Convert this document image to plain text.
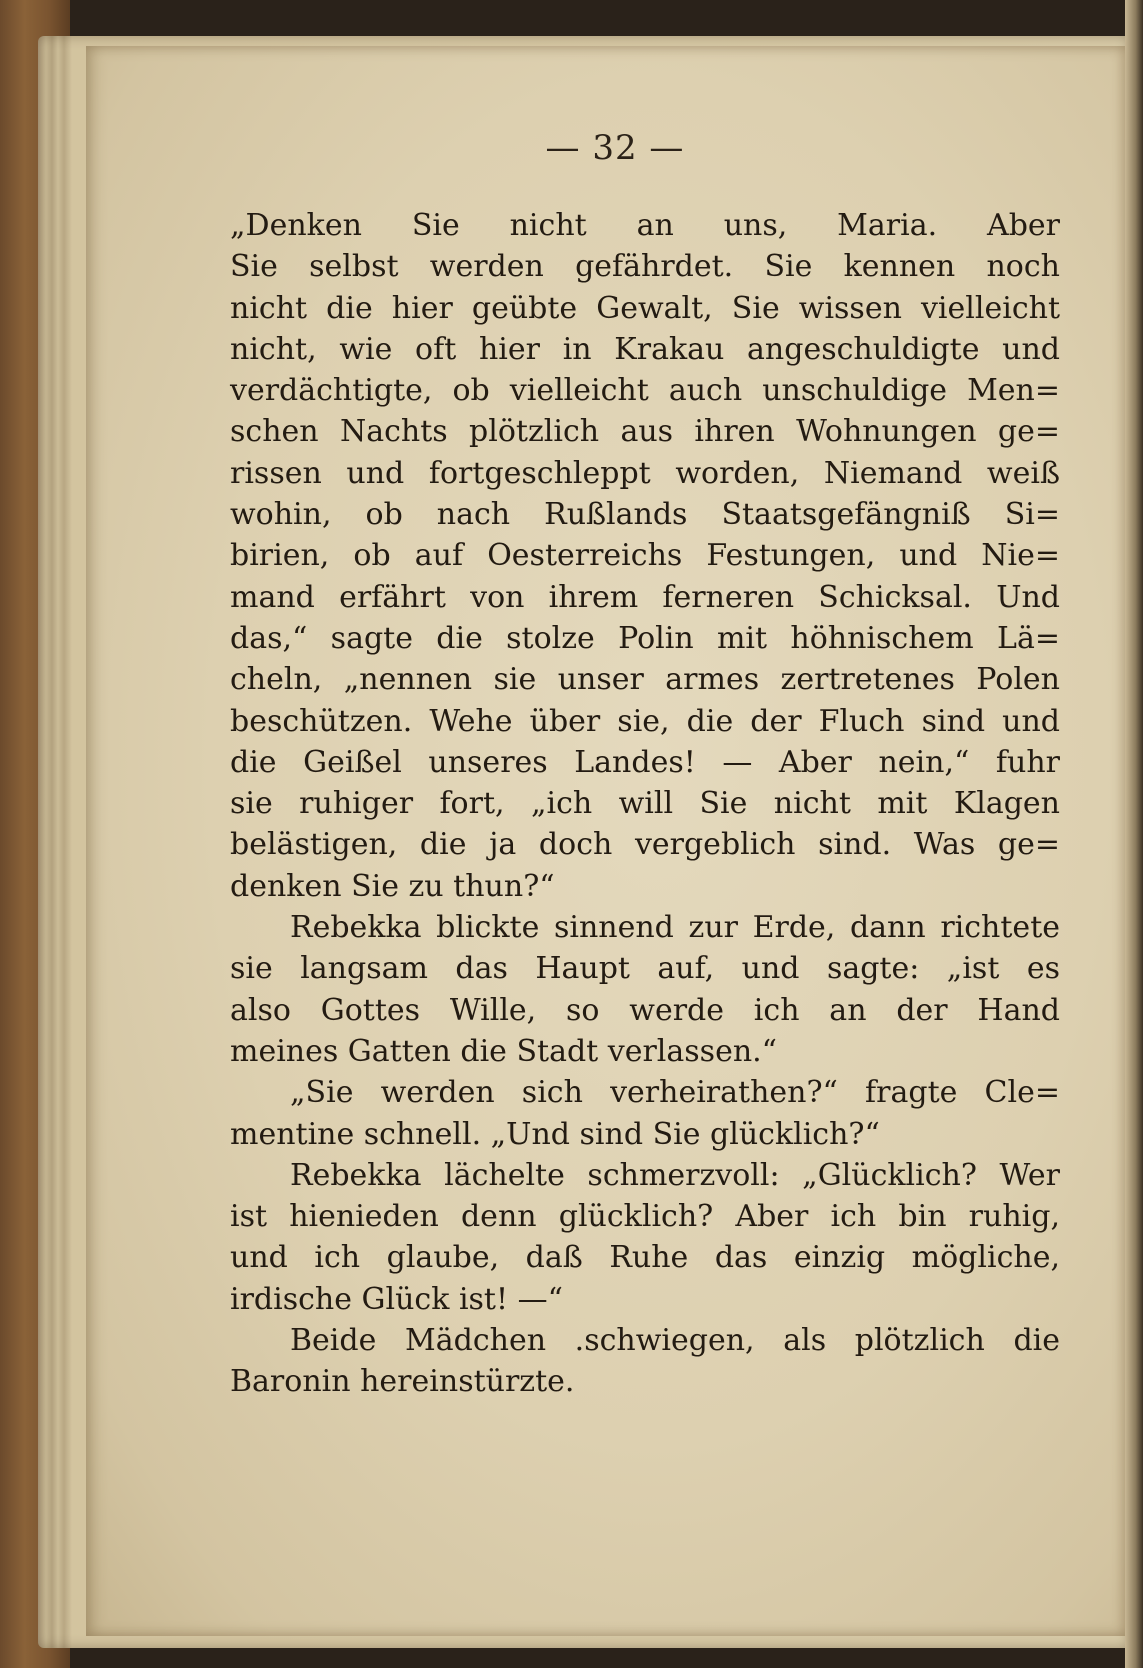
— 32 —
„Denken Sie nicht an uns, Maria. Aber
Sie selbst werden gefährdet. Sie kennen noch
nicht die hier geübte Gewalt, Sie wissen vielleicht
nicht, wie oft hier in Krakau angeschuldigte und
verdächtigte, ob vielleicht auch unschuldige Men=
schen Nachts plötzlich aus ihren Wohnungen ge=
rissen und fortgeschleppt worden, Niemand weiß
wohin, ob nach Rußlands Staatsgefängniß Si=
birien, ob auf Oesterreichs Festungen, und Nie=
mand erfährt von ihrem ferneren Schicksal. Und
das,“ sagte die stolze Polin mit höhnischem Lä=
cheln, „nennen sie unser armes zertretenes Polen
beschützen. Wehe über sie, die der Fluch sind und
die Geißel unseres Landes! — Aber nein,“ fuhr
sie ruhiger fort, „ich will Sie nicht mit Klagen
belästigen, die ja doch vergeblich sind. Was ge=
denken Sie zu thun?“
Rebekka blickte sinnend zur Erde, dann richtete
sie langsam das Haupt auf, und sagte: „ist es
also Gottes Wille, so werde ich an der Hand
meines Gatten die Stadt verlassen.“
„Sie werden sich verheirathen?“ fragte Cle=
mentine schnell. „Und sind Sie glücklich?“
Rebekka lächelte schmerzvoll: „Glücklich? Wer
ist hienieden denn glücklich? Aber ich bin ruhig,
und ich glaube, daß Ruhe das einzig mögliche,
irdische Glück ist! —“
Beide Mädchen .schwiegen, als plötzlich die
Baronin hereinstürzte.
